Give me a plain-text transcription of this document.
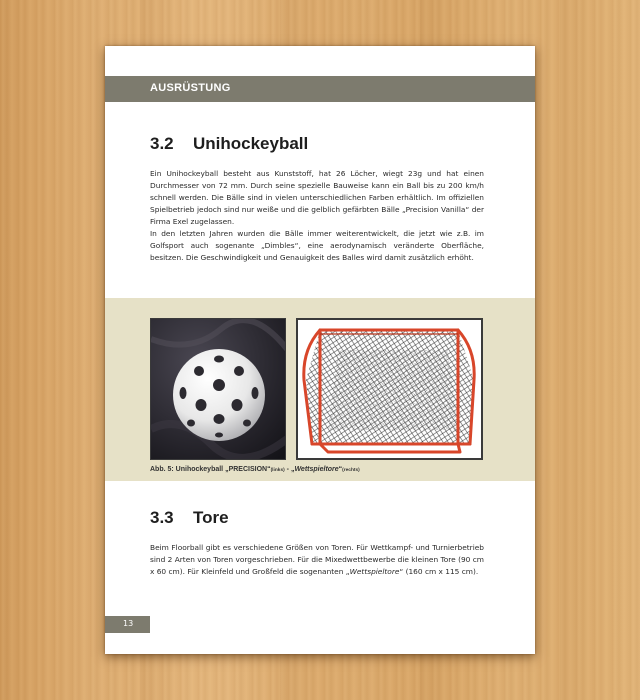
AUSRÜSTUNG
3.2 Unihockeyball

Ein Unihockeyball besteht aus Kunststoff, hat 26 Löcher, wiegt 23g und hat einen Durchmesser von 72 mm. Durch seine spezielle Bauweise kann ein Ball bis zu 200 km/h schnell werden. Die Bälle sind in vielen unterschiedlichen Farben erhältlich. Im offiziellen Spielbetrieb jedoch sind nur weiße und die gelblich gefärbten Bälle „Precision Vanilla“ der Firma Exel zugelassen.

In den letzten Jahren wurden die Bälle immer weiterentwickelt, die jetzt wie z.B. im Golfsport auch sogenante „Dimbles“, eine aerodynamisch veränderte Oberfläche, besitzen. Die Geschwindigkeit und Genauigkeit des Balles wird damit zusätzlich erhöht.

Abb. 5: Unihockeyball „PRECISION“(links) - „Wettspieltore“(rechts)
3.3 Tore

Beim Floorball gibt es verschiedene Größen von Toren. Für Wettkampf- und Turnierbetrieb sind 2 Arten von Toren vorgeschrieben. Für die Mixedwettbewerbe die kleinen Tore (90 cm x 60 cm). Für Kleinfeld und Großfeld die sogenanten „Wettspieltore“ (160 cm x 115 cm).

13
